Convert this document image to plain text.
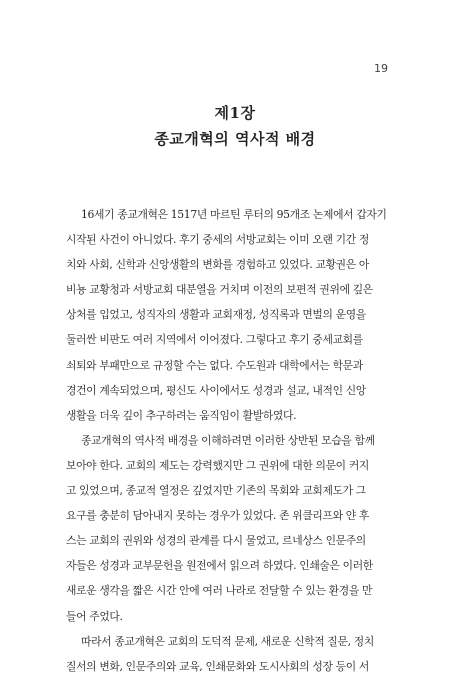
19
제1장
종교개혁의 역사적 배경
16세기 종교개혁은 1517년 마르틴 루터의 95개조 논제에서 갑자기
시작된 사건이 아니었다. 후기 중세의 서방교회는 이미 오랜 기간 정
치와 사회, 신학과 신앙생활의 변화를 경험하고 있었다. 교황권은 아
비뇽 교황청과 서방교회 대분열을 거치며 이전의 보편적 권위에 깊은
상처를 입었고, 성직자의 생활과 교회재정, 성직록과 면벌의 운영을
둘러싼 비판도 여러 지역에서 이어졌다. 그렇다고 후기 중세교회를
쇠퇴와 부패만으로 규정할 수는 없다. 수도원과 대학에서는 학문과
경건이 계속되었으며, 평신도 사이에서도 성경과 설교, 내적인 신앙
생활을 더욱 깊이 추구하려는 움직임이 활발하였다.
종교개혁의 역사적 배경을 이해하려면 이러한 상반된 모습을 함께
보아야 한다. 교회의 제도는 강력했지만 그 권위에 대한 의문이 커지
고 있었으며, 종교적 열정은 깊었지만 기존의 목회와 교회제도가 그
요구를 충분히 담아내지 못하는 경우가 있었다. 존 위클리프와 얀 후
스는 교회의 권위와 성경의 관계를 다시 물었고, 르네상스 인문주의
자들은 성경과 교부문헌을 원전에서 읽으려 하였다. 인쇄술은 이러한
새로운 생각을 짧은 시간 안에 여러 나라로 전달할 수 있는 환경을 만
들어 주었다.
따라서 종교개혁은 교회의 도덕적 문제, 새로운 신학적 질문, 정치
질서의 변화, 인문주의와 교육, 인쇄문화와 도시사회의 성장 등이 서
